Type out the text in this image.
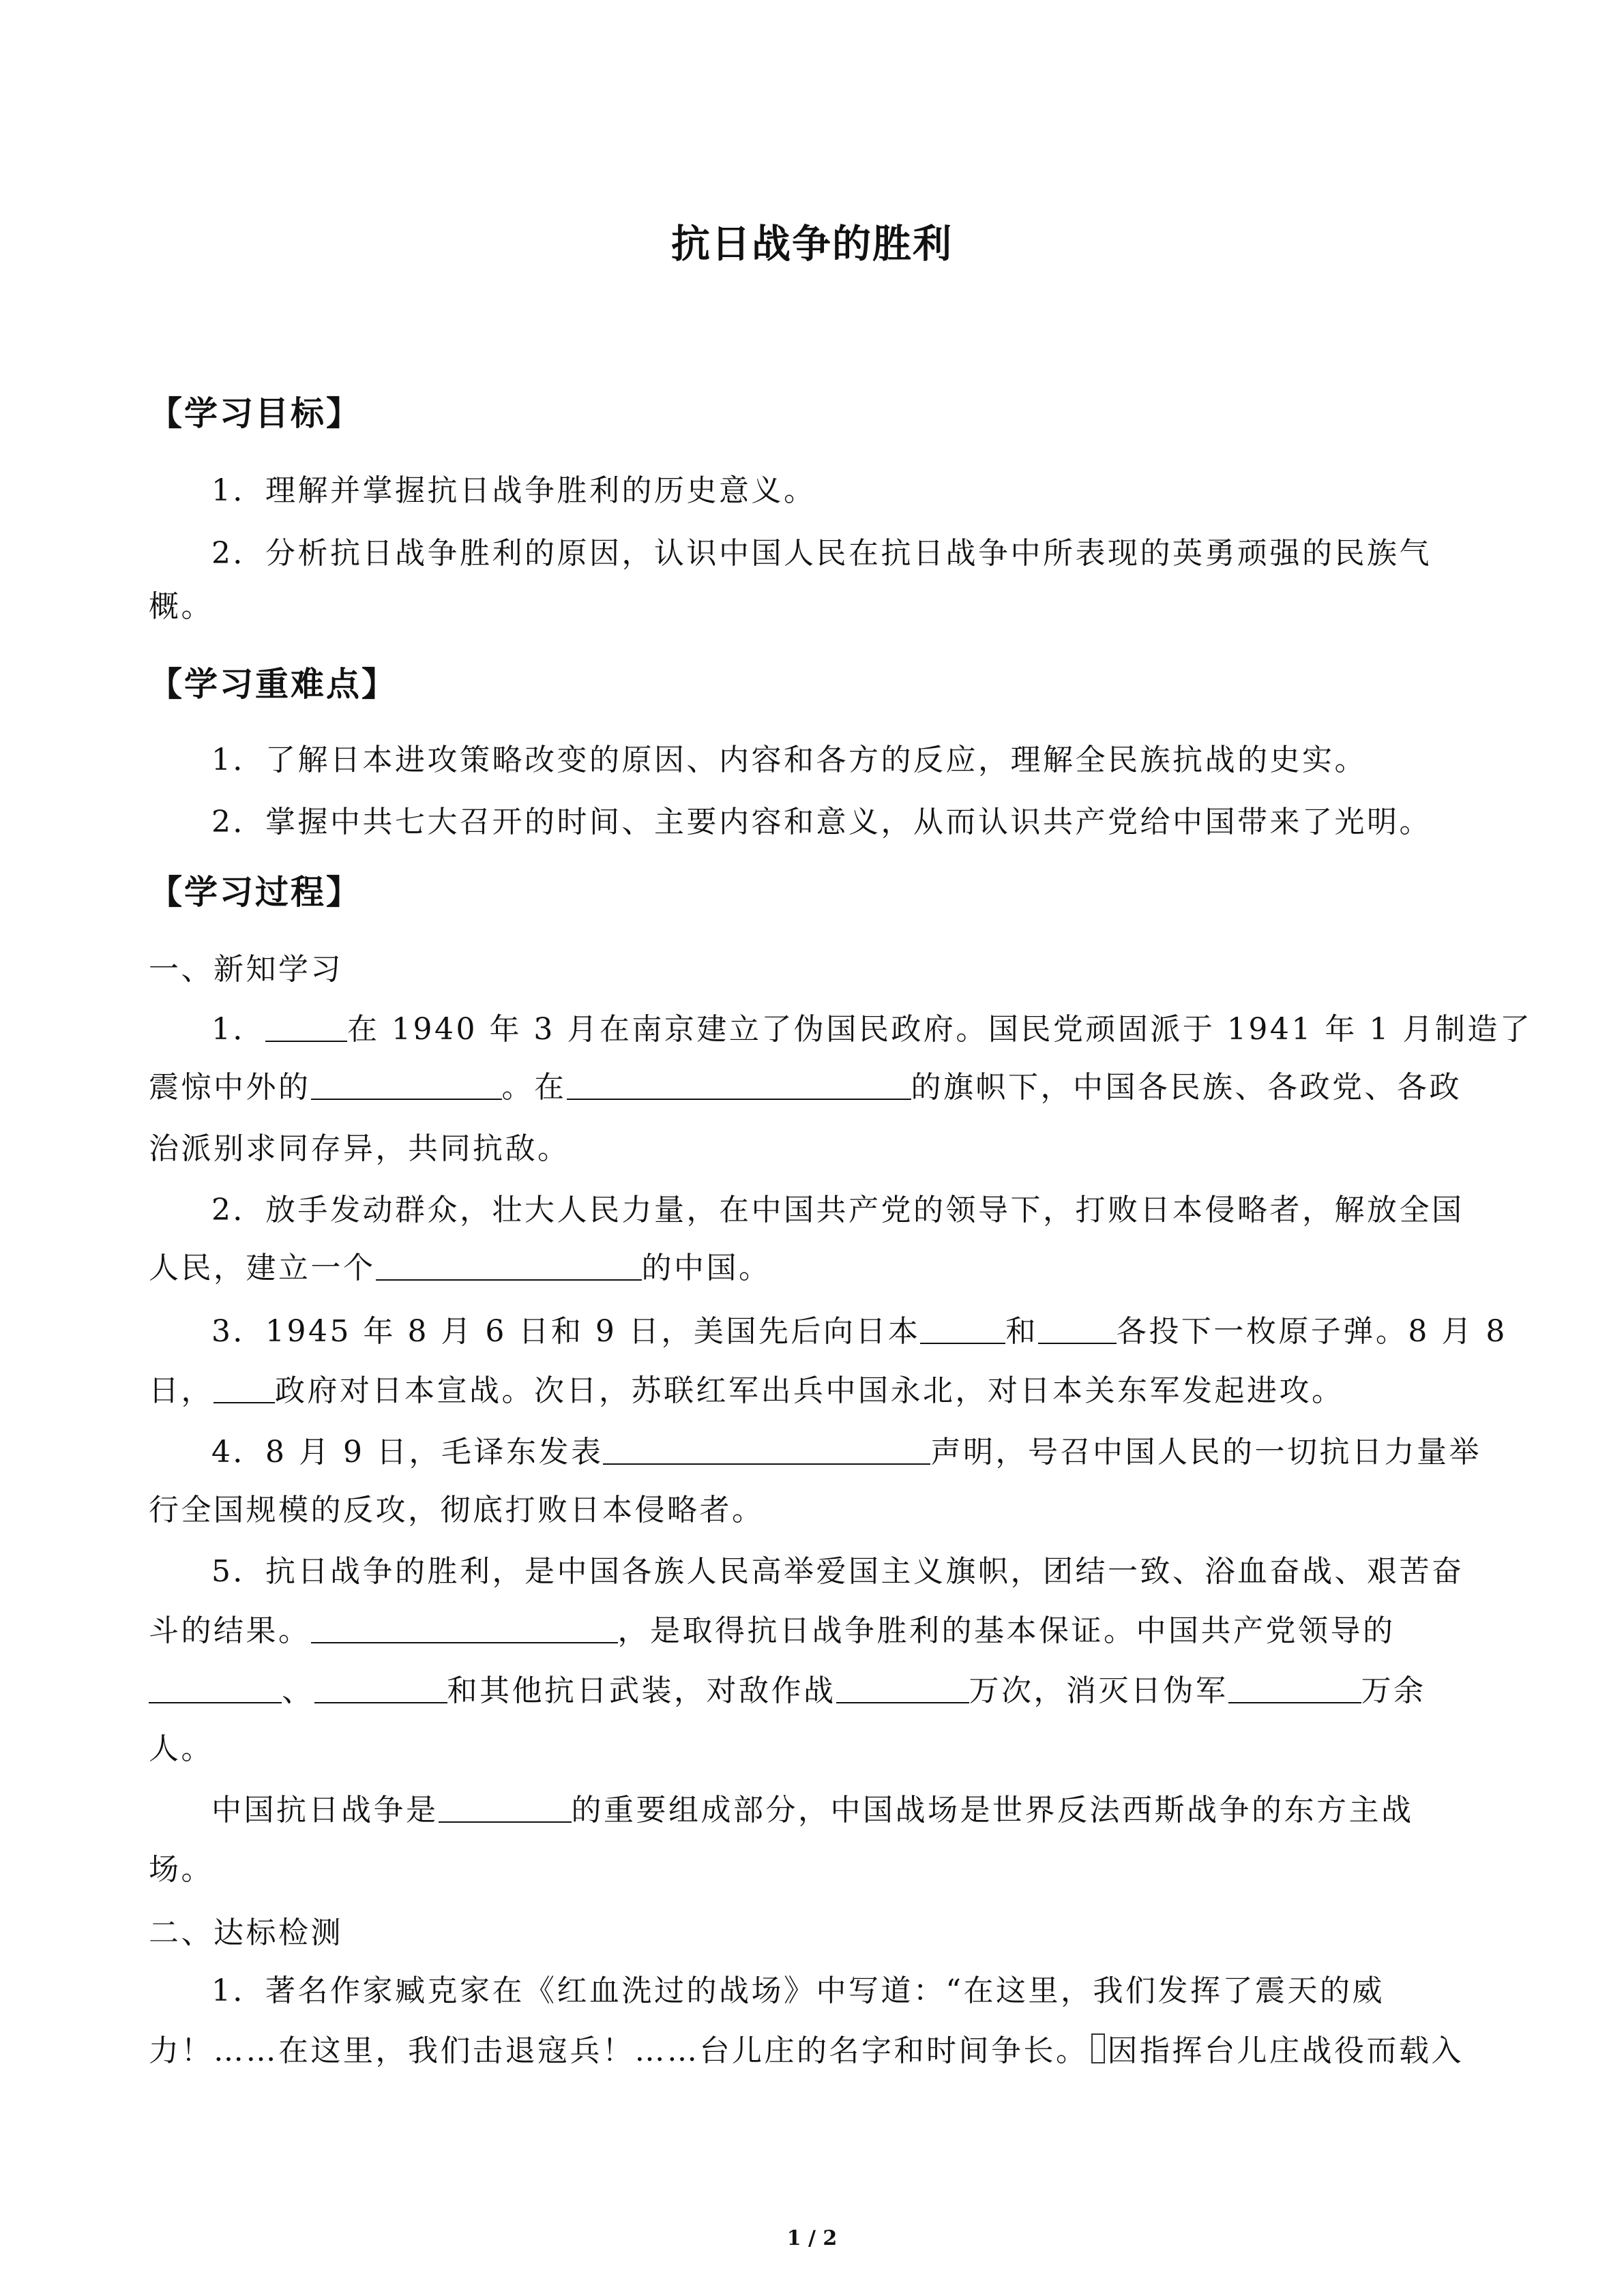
抗日战争的胜利
【学习目标】
1．理解并掌握抗日战争胜利的历史意义。
2．分析抗日战争胜利的原因，认识中国人民在抗日战争中所表现的英勇顽强的民族气
概。
【学习重难点】
1．了解日本进攻策略改变的原因、内容和各方的反应，理解全民族抗战的史实。
2．掌握中共七大召开的时间、主要内容和意义，从而认识共产党给中国带来了光明。
【学习过程】
一、新知学习
1．	在 1940 年 3 月在南京建立了伪国民政府。国民党顽固派于 1941 年 1 月制造了
震惊中外的	。在	的旗帜下，中国各民族、各政党、各政
治派别求同存异，共同抗敌。
2．放手发动群众，壮大人民力量，在中国共产党的领导下，打败日本侵略者，解放全国
人民，建立一个	的中国。
3．1945 年 8 月 6 日和 9 日，美国先后向日本	和	各投下一枚原子弹。8 月 8
日， 政府对日本宣战。次日，苏联红军出兵中国永北，对日本关东军发起进攻。
4．8 月 9 日，毛译东发表	声明，号召中国人民的一切抗日力量举
行全国规模的反攻，彻底打败日本侵略者。
5．抗日战争的胜利，是中国各族人民高举爱国主义旗帜，团结一致、浴血奋战、艰苦奋
斗的结果。	，是取得抗日战争胜利的基本保证。中国共产党领导的
、	和其他抗日武装，对敌作战	万次，消灭日伪军	万余
人。
中国抗日战争是	的重要组成部分，中国战场是世界反法西斯战争的东方主战
场。
二、达标检测
1．著名作家臧克家在《红血洗过的战场》中写道：“在这里，我们发挥了震天的威
力！……在这里，我们击退寇兵！……台儿庄的名字和时间争长。 因指挥台儿庄战役而载入
1 / 2
